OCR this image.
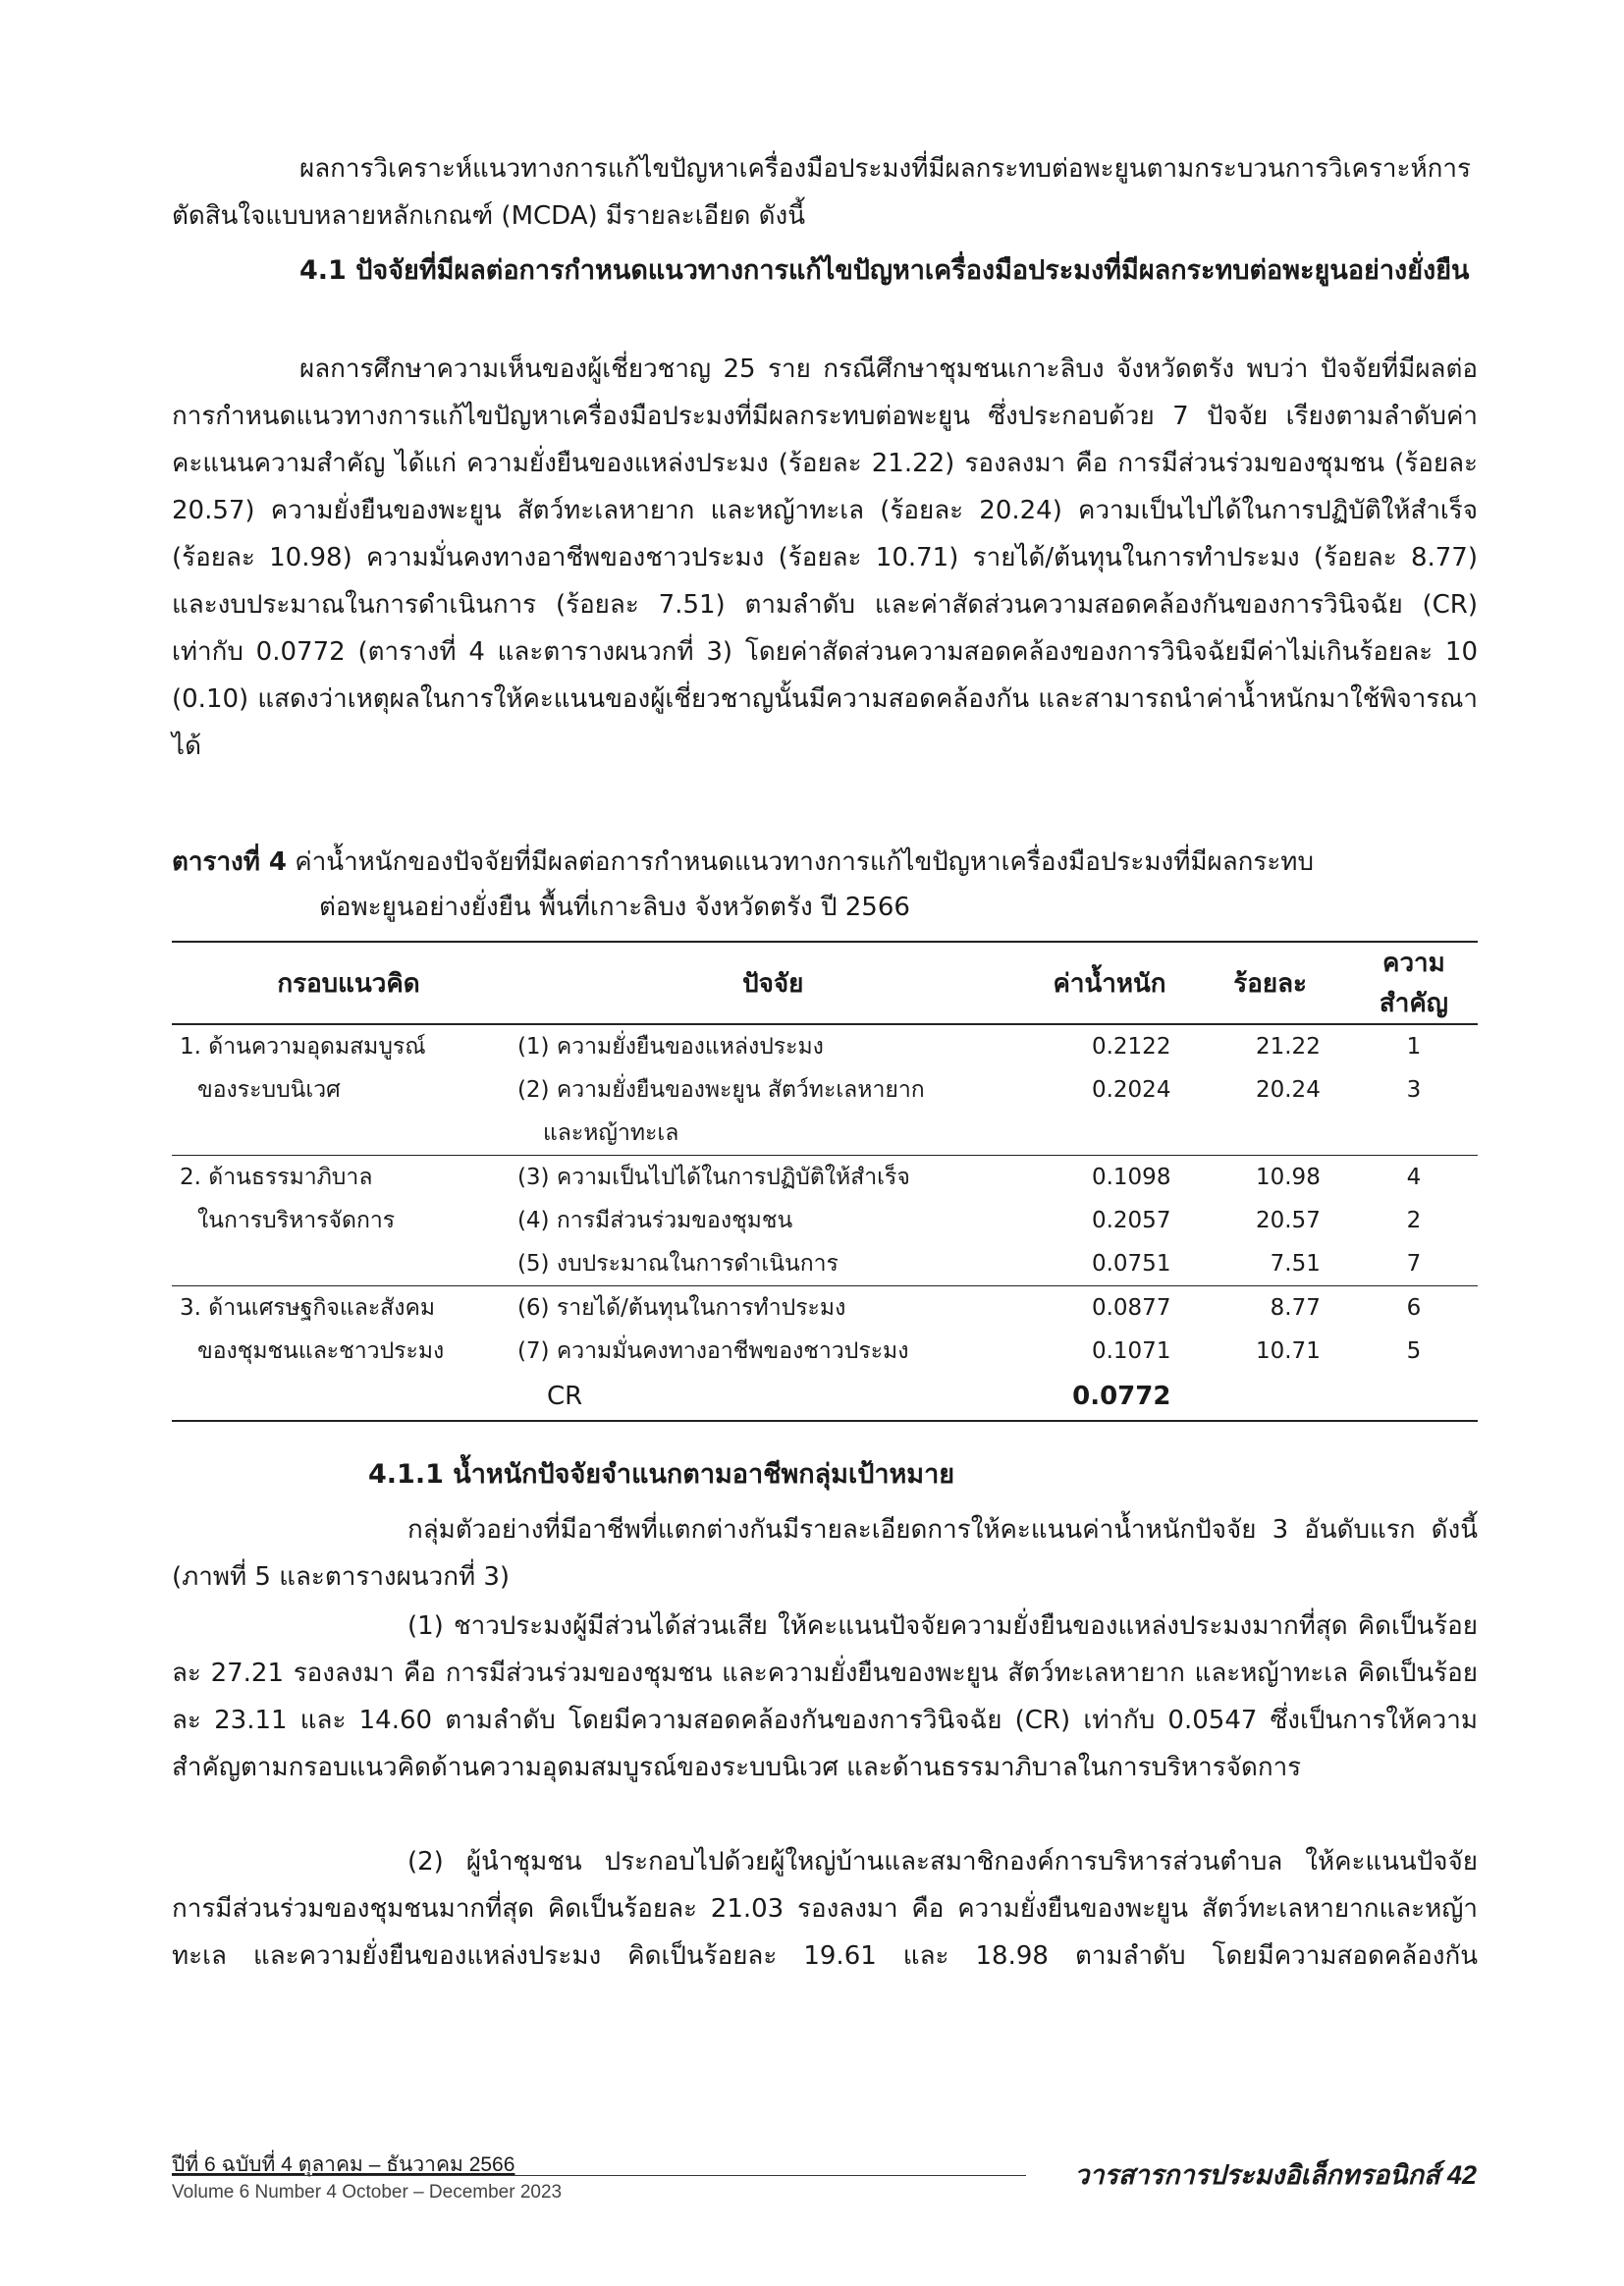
ผลการวิเคราะห์แนวทางการแก้ไขปัญหาเครื่องมือประมงที่มีผลกระทบต่อพะยูนตามกระบวนการวิเคราะห์การตัดสินใจแบบหลายหลักเกณฑ์ (MCDA) มีรายละเอียด ดังนี้

4.1 ปัจจัยที่มีผลต่อการกำหนดแนวทางการแก้ไขปัญหาเครื่องมือประมงที่มีผลกระทบต่อพะยูนอย่างยั่งยืน

ผลการศึกษาความเห็นของผู้เชี่ยวชาญ 25 ราย กรณีศึกษาชุมชนเกาะลิบง จังหวัดตรัง พบว่า ปัจจัยที่มีผลต่อการกำหนดแนวทางการแก้ไขปัญหาเครื่องมือประมงที่มีผลกระทบต่อพะยูน ซึ่งประกอบด้วย 7 ปัจจัย เรียงตามลำดับค่าคะแนนความสำคัญ ได้แก่ ความยั่งยืนของแหล่งประมง (ร้อยละ 21.22) รองลงมา คือ การมีส่วนร่วมของชุมชน (ร้อยละ 20.57) ความยั่งยืนของพะยูน สัตว์ทะเลหายาก และหญ้าทะเล (ร้อยละ 20.24) ความเป็นไปได้ในการปฏิบัติให้สำเร็จ (ร้อยละ 10.98) ความมั่นคงทางอาชีพของชาวประมง (ร้อยละ 10.71) รายได้/ต้นทุนในการทำประมง (ร้อยละ 8.77) และงบประมาณในการดำเนินการ (ร้อยละ 7.51) ตามลำดับ และค่าสัดส่วนความสอดคล้องกันของการวินิจฉัย (CR) เท่ากับ 0.0772 (ตารางที่ 4 และตารางผนวกที่ 3) โดยค่าสัดส่วนความสอดคล้องของการวินิจฉัยมีค่าไม่เกินร้อยละ 10 (0.10) แสดงว่าเหตุผลในการให้คะแนนของผู้เชี่ยวชาญนั้นมีความสอดคล้องกัน และสามารถนำค่าน้ำหนักมาใช้พิจารณาได้

ตารางที่ 4 ค่าน้ำหนักของปัจจัยที่มีผลต่อการกำหนดแนวทางการแก้ไขปัญหาเครื่องมือประมงที่มีผลกระทบ
ต่อพะยูนอย่างยั่งยืน พื้นที่เกาะลิบง จังหวัดตรัง ปี 2566
กรอบแนวคิด	ปัจจัย	ค่าน้ำหนัก	ร้อยละ	ความสำคัญ
1. ด้านความอุดมสมบูรณ์	(1) ความยั่งยืนของแหล่งประมง	0.2122	21.22	1
ของระบบนิเวศ	(2) ความยั่งยืนของพะยูน สัตว์ทะเลหายาก	0.2024	20.24	3
	และหญ้าทะเล			
2. ด้านธรรมาภิบาล	(3) ความเป็นไปได้ในการปฏิบัติให้สำเร็จ	0.1098	10.98	4
ในการบริหารจัดการ	(4) การมีส่วนร่วมของชุมชน	0.2057	20.57	2
	(5) งบประมาณในการดำเนินการ	0.0751	7.51	7
3. ด้านเศรษฐกิจและสังคม	(6) รายได้/ต้นทุนในการทำประมง	0.0877	8.77	6
ของชุมชนและชาวประมง	(7) ความมั่นคงทางอาชีพของชาวประมง	0.1071	10.71	5
	CR	0.0772		
4.1.1 น้ำหนักปัจจัยจำแนกตามอาชีพกลุ่มเป้าหมาย

กลุ่มตัวอย่างที่มีอาชีพที่แตกต่างกันมีรายละเอียดการให้คะแนนค่าน้ำหนักปัจจัย 3 อันดับแรก ดังนี้ (ภาพที่ 5 และตารางผนวกที่ 3)

(1) ชาวประมงผู้มีส่วนได้ส่วนเสีย ให้คะแนนปัจจัยความยั่งยืนของแหล่งประมงมากที่สุด คิดเป็นร้อยละ 27.21 รองลงมา คือ การมีส่วนร่วมของชุมชน และความยั่งยืนของพะยูน สัตว์ทะเลหายาก และหญ้าทะเล คิดเป็นร้อยละ 23.11 และ 14.60 ตามลำดับ โดยมีความสอดคล้องกันของการวินิจฉัย (CR) เท่ากับ 0.0547 ซึ่งเป็นการให้ความสำคัญตามกรอบแนวคิดด้านความอุดมสมบูรณ์ของระบบนิเวศ และด้านธรรมาภิบาลในการบริหารจัดการ

(2) ผู้นำชุมชน ประกอบไปด้วยผู้ใหญ่บ้านและสมาชิกองค์การบริหารส่วนตำบล ให้คะแนนปัจจัยการมีส่วนร่วมของชุมชนมากที่สุด คิดเป็นร้อยละ 21.03 รองลงมา คือ ความยั่งยืนของพะยูน สัตว์ทะเลหายากและหญ้าทะเล และความยั่งยืนของแหล่งประมง คิดเป็นร้อยละ 19.61 และ 18.98 ตามลำดับ โดยมีความสอดคล้องกัน

ปีที่ 6 ฉบับที่ 4 ตุลาคม – ธันวาคม 2566
Volume 6 Number 4 October – December 2023
วารสารการประมงอิเล็กทรอนิกส์ 42
